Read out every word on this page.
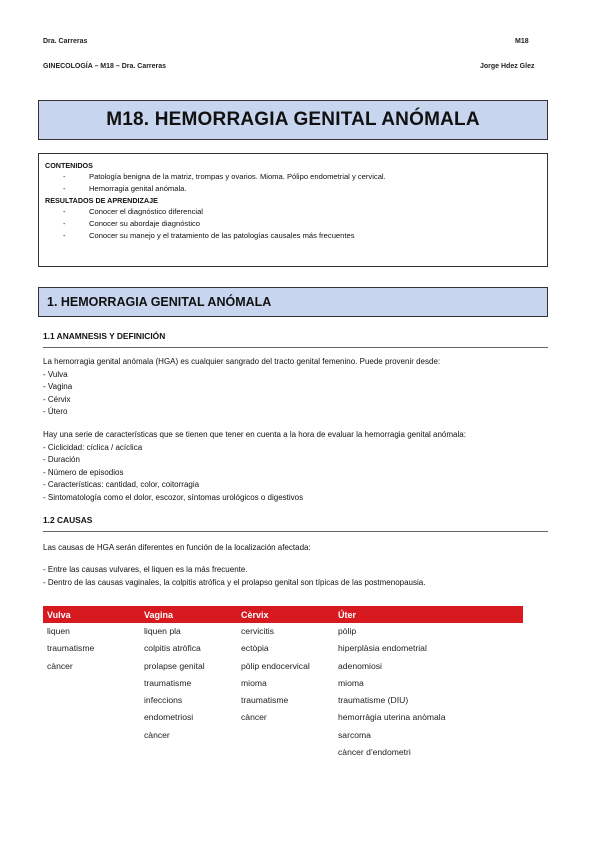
Dra. Carreras	M18
GINECOLOGÍA – M18 – Dra. Carreras	Jorge Hdez Glez
M18. HEMORRAGIA GENITAL ANÓMALA
CONTENIDOS
- Patología benigna de la matriz, trompas y ovarios. Mioma. Pólipo endometrial y cervical.
- Hemorragia genital anómala.
RESULTADOS DE APRENDIZAJE
- Conocer el diagnóstico diferencial
- Conocer su abordaje diagnóstico
- Conocer su manejo y el tratamiento de las patologías causales más frecuentes
1. HEMORRAGIA GENITAL ANÓMALA
1.1 ANAMNESIS Y DEFINICIÓN
La hemorragia genital anómala (HGA) es cualquier sangrado del tracto genital femenino. Puede provenir desde:
- Vulva
- Vagina
- Cérvix
- Útero
Hay una serie de características que se tienen que tener en cuenta a la hora de evaluar la hemorragia genital anómala:
- Ciclicidad: cíclica / acíclica
- Duración
- Número de episodios
- Características: cantidad, color, coitorragia
- Sintomatología como el dolor, escozor, síntomas urológicos o digestivos
1.2 CAUSAS
Las causas de HGA serán diferentes en función de la localización afectada:
- Entre las causas vulvares, el liquen es la más frecuente.
- Dentro de las causas vaginales, la colpitis atrófica y el prolapso genital son típicas de las postmenopausia.
Vulva	Vagina	Cèrvix	Úter
liquen	liquen pla	cervicitis	pòlip
traumatisme	colpitis atròfica	ectòpia	hiperplàsia endometrial
càncer	prolapse genital	pòlip endocervical	adenomiosi
	traumatisme	mioma	mioma
	infeccions	traumatisme	traumatisme (DIU)
	endometriosi	càncer	hemorràgia uterina anòmala
	càncer		sarcoma
			càncer d'endometri
